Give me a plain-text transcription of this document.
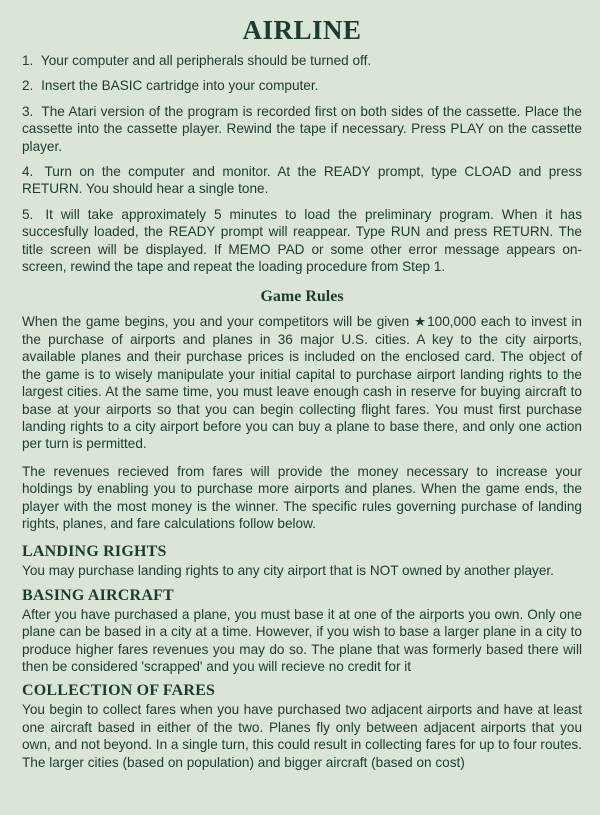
AIRLINE

1. Your computer and all peripherals should be turned off.

2. Insert the BASIC cartridge into your computer.

3. The Atari version of the program is recorded first on both sides of the cassette. Place the cassette into the cassette player. Rewind the tape if necessary. Press PLAY on the cassette player.

4. Turn on the computer and monitor. At the READY prompt, type CLOAD and press RETURN. You should hear a single tone.

5. It will take approximately 5 minutes to load the preliminary program. When it has succesfully loaded, the READY prompt will reappear. Type RUN and press RETURN. The title screen will be displayed. If MEMO PAD or some other error message appears on-screen, rewind the tape and repeat the loading procedure from Step 1.

Game Rules

When the game begins, you and your competitors will be given ★100,000 each to invest in the purchase of airports and planes in 36 major U.S. cities. A key to the city airports, available planes and their purchase prices is included on the enclosed card. The object of the game is to wisely manipulate your initial capital to purchase airport landing rights to the largest cities. At the same time, you must leave enough cash in reserve for buying aircraft to base at your airports so that you can begin collecting flight fares. You must first purchase landing rights to a city airport before you can buy a plane to base there, and only one action per turn is permitted.

The revenues recieved from fares will provide the money necessary to increase your holdings by enabling you to purchase more airports and planes. When the game ends, the player with the most money is the winner. The specific rules governing purchase of landing rights, planes, and fare calculations follow below.

LANDING RIGHTS

You may purchase landing rights to any city airport that is NOT owned by another player.

BASING AIRCRAFT

After you have purchased a plane, you must base it at one of the airports you own. Only one plane can be based in a city at a time. However, if you wish to base a larger plane in a city to produce higher fares revenues you may do so. The plane that was formerly based there will then be considered 'scrapped' and you will recieve no credit for it

COLLECTION OF FARES

You begin to collect fares when you have purchased two adjacent airports and have at least one aircraft based in either of the two. Planes fly only between adjacent airports that you own, and not beyond. In a single turn, this could result in collecting fares for up to four routes. The larger cities (based on population) and bigger aircraft (based on cost)
